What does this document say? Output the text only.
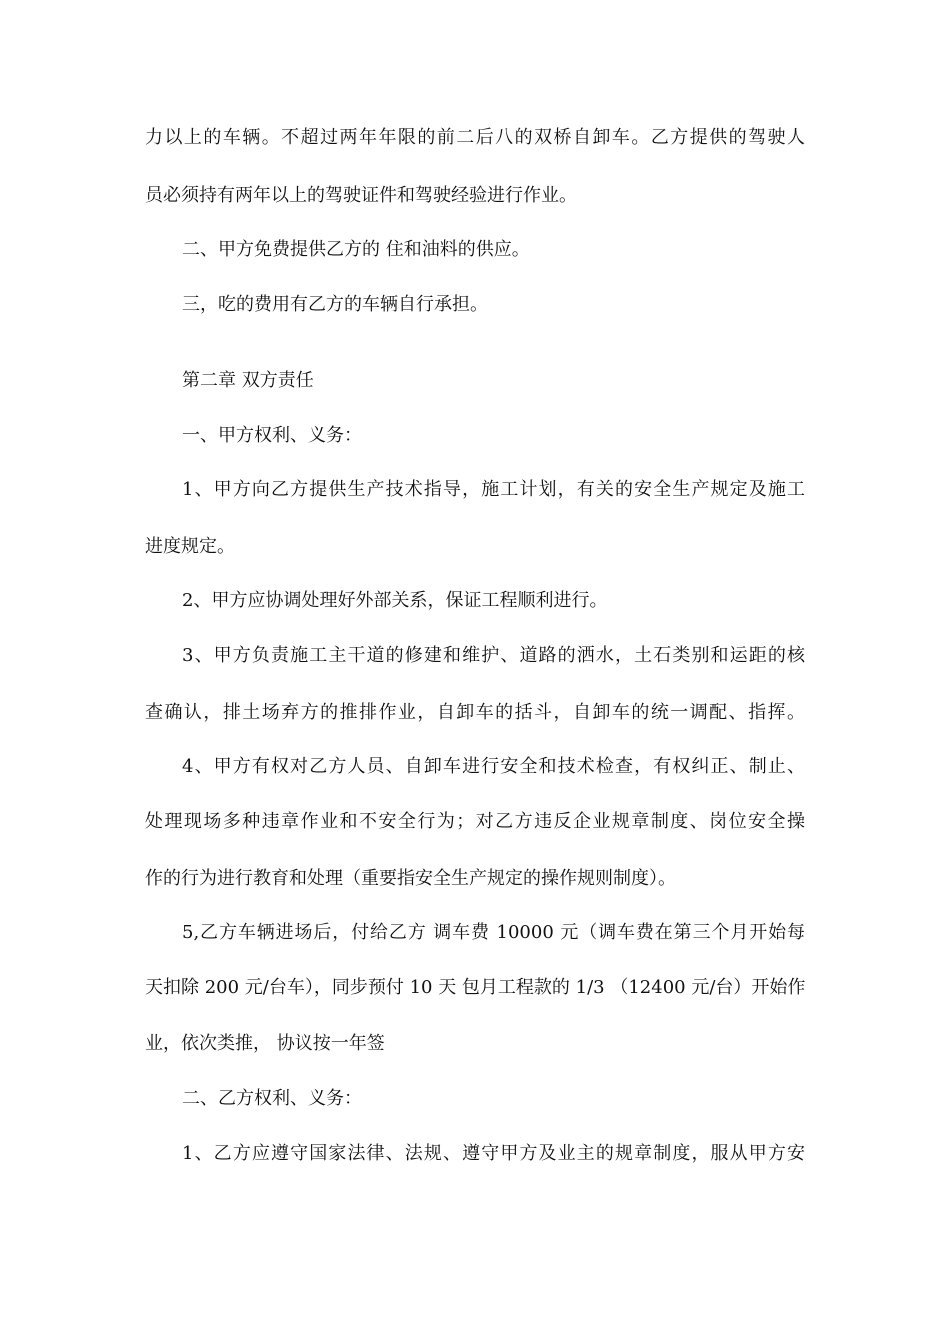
力以上的车辆。不超过两年年限的前二后八的双桥自卸车。乙方提供的驾驶人
员必须持有两年以上的驾驶证件和驾驶经验进行作业。
二、甲方免费提供乙方的 住和油料的供应。
三，吃的费用有乙方的车辆自行承担。
第二章 双方责任
一、甲方权利、义务：
1、甲方向乙方提供生产技术指导，施工计划，有关的安全生产规定及施工
进度规定。
2、甲方应协调处理好外部关系，保证工程顺利进行。
3、甲方负责施工主干道的修建和维护、道路的洒水，土石类别和运距的核
查确认，排土场弃方的推排作业，自卸车的括斗，自卸车的统一调配、指挥。
4、甲方有权对乙方人员、自卸车进行安全和技术检查，有权纠正、制止、
处理现场多种违章作业和不安全行为；对乙方违反企业规章制度、岗位安全操
作的行为进行教育和处理（重要指安全生产规定的操作规则制度）。
5,乙方车辆进场后，付给乙方 调车费 10000 元（调车费在第三个月开始每
天扣除 200 元/台车），同步预付 10 天 包月工程款的 1/3 （12400 元/台）开始作
业，依次类推， 协议按一年签
二、乙方权利、义务：
1、乙方应遵守国家法律、法规、遵守甲方及业主的规章制度，服从甲方安
